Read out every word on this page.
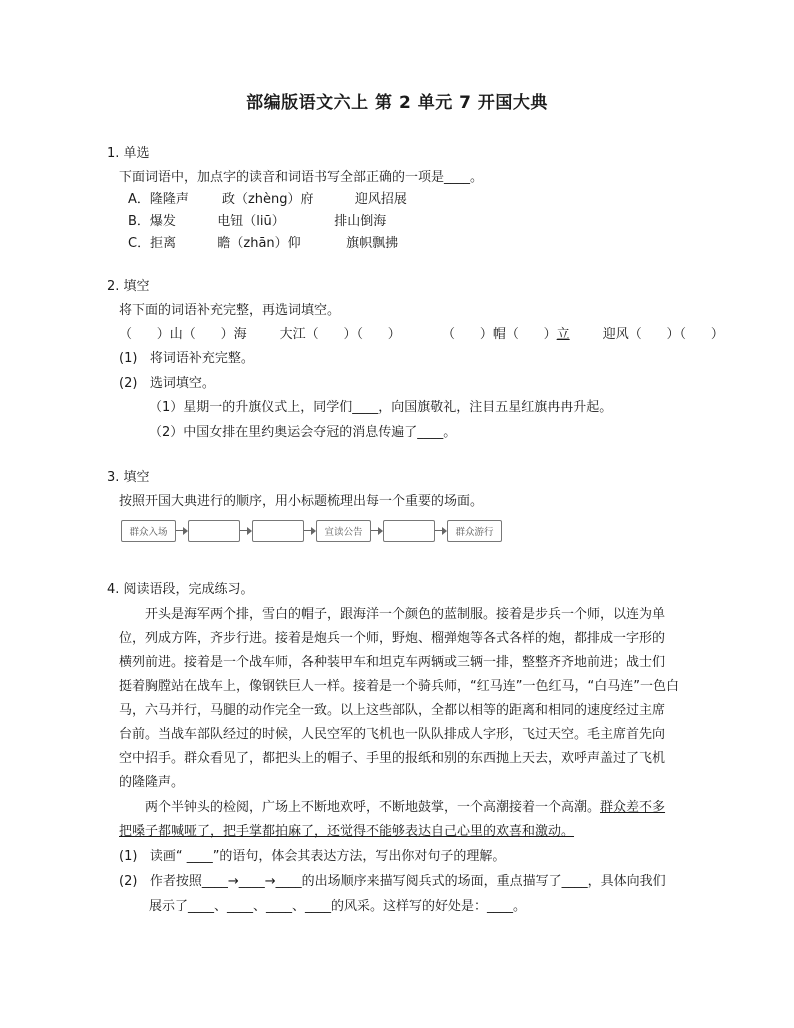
部编版语文六上 第 2 单元 7 开国大典
1. 单选
下面词语中，加点字的读音和词语书写全部正确的一项是____。
A．隆隆声        政（zhèng）府          迎风招展
B．爆发          电钮（liū）            排山倒海
C．拒离          瞻（zhān）仰           旗帜飘拂
2. 填空
将下面的词语补充完整，再选词填空。
（      ）山（      ）海        大江（      ）（      ）          （      ）帽（      ）立        迎风（      ）（      ）
(1) 将词语补充完整。
(2) 选词填空。
（1）星期一的升旗仪式上，同学们____，向国旗敬礼，注目五星红旗冉冉升起。
（2）中国女排在里约奥运会夺冠的消息传遍了____。
3. 填空
按照开国大典进行的顺序，用小标题梳理出每一个重要的场面。
群众入场	宣读公告	群众游行
4. 阅读语段，完成练习。
开头是海军两个排，雪白的帽子，跟海洋一个颜色的蓝制服。接着是步兵一个师，以连为单
位，列成方阵，齐步行进。接着是炮兵一个师，野炮、榴弹炮等各式各样的炮，都排成一字形的
横列前进。接着是一个战车师，各种装甲车和坦克车两辆或三辆一排，整整齐齐地前进；战士们
挺着胸膛站在战车上，像钢铁巨人一样。接着是一个骑兵师，“红马连”一色红马，“白马连”一色白
马，六马并行，马腿的动作完全一致。以上这些部队，全都以相等的距离和相同的速度经过主席
台前。当战车部队经过的时候，人民空军的飞机也一队队排成人字形，飞过天空。毛主席首先向
空中招手。群众看见了，都把头上的帽子、手里的报纸和别的东西抛上天去，欢呼声盖过了飞机
的隆隆声。
两个半钟头的检阅，广场上不断地欢呼，不断地鼓掌，一个高潮接着一个高潮。群众差不多
把嗓子都喊哑了，把手掌都拍麻了，还觉得不能够表达自己心里的欢喜和激动。
(1) 读画“ ____”的语句，体会其表达方法，写出你对句子的理解。
(2) 作者按照____→____→____的出场顺序来描写阅兵式的场面，重点描写了____，具体向我们
展示了____、____、____、____的风采。这样写的好处是：____。
